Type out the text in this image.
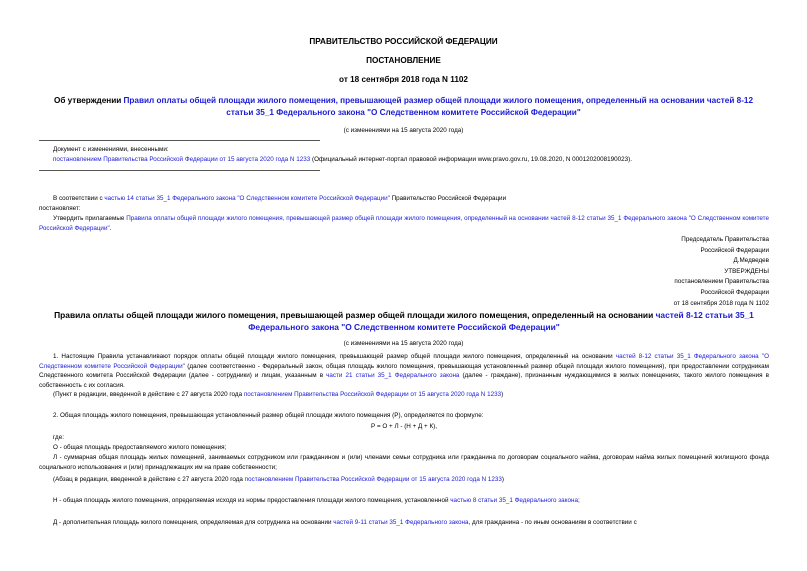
ПРАВИТЕЛЬСТВО РОССИЙСКОЙ ФЕДЕРАЦИИ
ПОСТАНОВЛЕНИЕ
от 18 сентября 2018 года N 1102
Об утверждении Правил оплаты общей площади жилого помещения, превышающей размер общей площади жилого помещения, определенный на основании частей 8-12 статьи 35_1 Федерального закона "О Следственном комитете Российской Федерации"
(с изменениями на 15 августа 2020 года)
Документ с изменениями, внесенными:
постановлением Правительства Российской Федерации от 15 августа 2020 года N 1233 (Официальный интернет-портал правовой информации www.pravo.gov.ru, 19.08.2020, N 0001202008190023).
В соответствии с частью 14 статьи 35_1 Федерального закона "О Следственном комитете Российской Федерации" Правительство Российской Федерации
постановляет:
Утвердить прилагаемые Правила оплаты общей площади жилого помещения, превышающей размер общей площади жилого помещения, определенный на основании частей 8-12 статьи 35_1 Федерального закона "О Следственном комитете Российской Федерации".
Председатель Правительства
Российской Федерации
Д.Медведев
УТВЕРЖДЕНЫ
постановлением Правительства
Российской Федерации
от 18 сентября 2018 года N 1102
Правила оплаты общей площади жилого помещения, превышающей размер общей площади жилого помещения, определенный на основании частей 8-12 статьи 35_1 Федерального закона "О Следственном комитете Российской Федерации"
(с изменениями на 15 августа 2020 года)
1. Настоящие Правила устанавливают порядок оплаты общей площади жилого помещения, превышающей размер общей площади жилого помещения, определенный на основании частей 8-12 статьи 35_1 Федерального закона "О Следственном комитете Российской Федерации" (далее соответственно - Федеральный закон, общая площадь жилого помещения, превышающая установленный размер общей площади жилого помещения), при предоставлении сотрудникам Следственного комитета Российской Федерации (далее - сотрудники) и лицам, указанным в части 21 статьи 35_1 Федерального закона (далее - граждане), признанным нуждающимися в жилых помещениях, такого жилого помещения в собственность с их согласия.
(Пункт в редакции, введенной в действие с 27 августа 2020 года постановлением Правительства Российской Федерации от 15 августа 2020 года N 1233)
2. Общая площадь жилого помещения, превышающая установленный размер общей площади жилого помещения (Р), определяется по формуле:
Р = О + Л - (Н + Д + К),
где:
О - общая площадь предоставляемого жилого помещения;
Л - суммарная общая площадь жилых помещений, занимаемых сотрудником или гражданином и (или) членами семьи сотрудника или гражданина по договорам социального найма, договорам найма жилых помещений жилищного фонда социального использования и (или) принадлежащих им на праве собственности;
(Абзац в редакции, введенной в действие с 27 августа 2020 года постановлением Правительства Российской Федерации от 15 августа 2020 года N 1233)
Н - общая площадь жилого помещения, определяемая исходя из нормы предоставления площади жилого помещения, установленной частью 8 статьи 35_1 Федерального закона;
Д - дополнительная площадь жилого помещения, определяемая для сотрудника на основании частей 9-11 статьи 35_1 Федерального закона, для гражданина - по иным основаниям в соответствии с
